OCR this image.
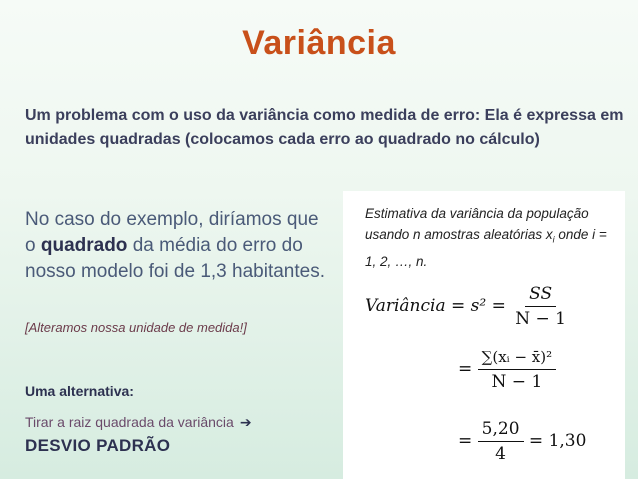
Variância
Um problema com o uso da variância como medida de erro: Ela é expressa em unidades quadradas (colocamos cada erro ao quadrado no cálculo)
No caso do exemplo, diríamos que o quadrado da média do erro do nosso modelo foi de 1,3 habitantes.
[Alteramos nossa unidade de medida!]
Uma alternativa:
Tirar a raiz quadrada da variância ➔
DESVIO PADRÃO
Estimativa da variância da população usando n amostras aleatórias $x_i$ onde i = 1, 2, …, n.
Variância = $s^2 = \frac{SS}{N - 1}$
= $\frac{\text{∑(xᵢ − x̄)²}}{N - 1}$
= $\frac{5,20}{4} = 1,30$
